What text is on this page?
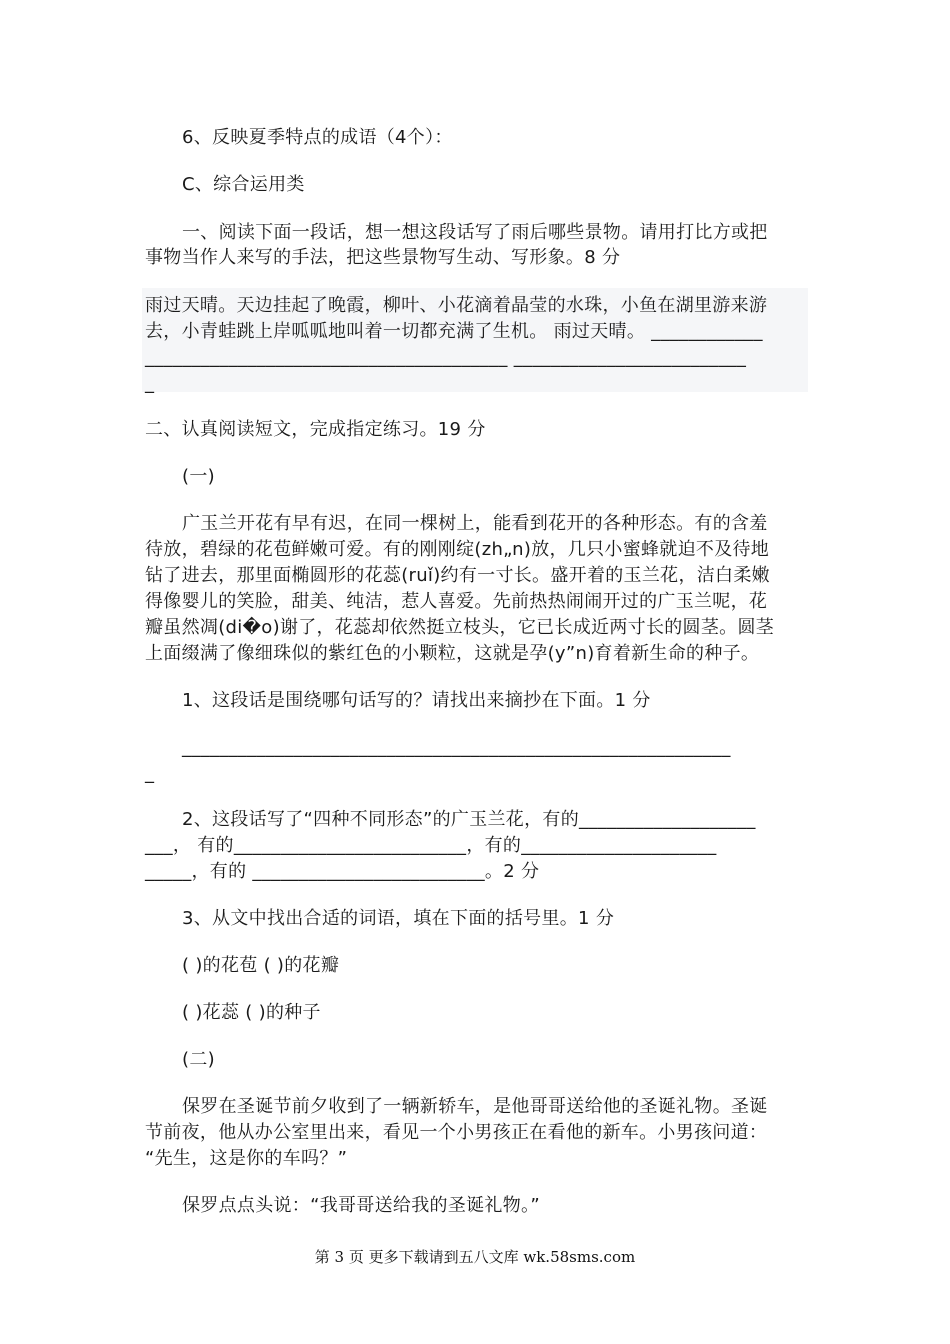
6、反映夏季特点的成语（4个）：
C、综合运用类
一、阅读下面一段话，想一想这段话写了雨后哪些景物。请用打比方或把
事物当作人来写的手法，把这些景物写生动、写形象。8 分
雨过天晴。天边挂起了晚霞，柳叶、小花滴着晶莹的水珠，小鱼在湖里游来游
去，小青蛙跳上岸呱呱地叫着一切都充满了生机。 雨过天晴。 ____________
_______________________________________ _________________________
_
二、认真阅读短文，完成指定练习。19 分
(一)
广玉兰开花有早有迟，在同一棵树上，能看到花开的各种形态。有的含羞
待放，碧绿的花苞鲜嫩可爱。有的刚刚绽(zh„n)放，几只小蜜蜂就迫不及待地
钻了进去，那里面椭圆形的花蕊(ruǐ)约有一寸长。盛开着的玉兰花，洁白柔嫩
得像婴儿的笑脸，甜美、纯洁，惹人喜爱。先前热热闹闹开过的广玉兰呢，花
瓣虽然凋(di�o)谢了，花蕊却依然挺立枝头，它已长成近两寸长的圆茎。圆茎
上面缀满了像细珠似的紫红色的小颗粒，这就是孕(y”n)育着新生命的种子。
1、这段话是围绕哪句话写的？请找出来摘抄在下面。1 分
___________________________________________________________
_
2、这段话写了“四种不同形态”的广玉兰花，有的___________________
___， 有的_________________________，有的_____________________
_____，有的 _________________________。2 分
3、从文中找出合适的词语，填在下面的括号里。1 分
( )的花苞 ( )的花瓣
( )花蕊 ( )的种子
(二)
保罗在圣诞节前夕收到了一辆新轿车，是他哥哥送给他的圣诞礼物。圣诞
节前夜，他从办公室里出来，看见一个小男孩正在看他的新车。小男孩问道：
“先生，这是你的车吗？”
保罗点点头说：“我哥哥送给我的圣诞礼物。”
第 3 页 更多下载请到五八文库 wk.58sms.com
